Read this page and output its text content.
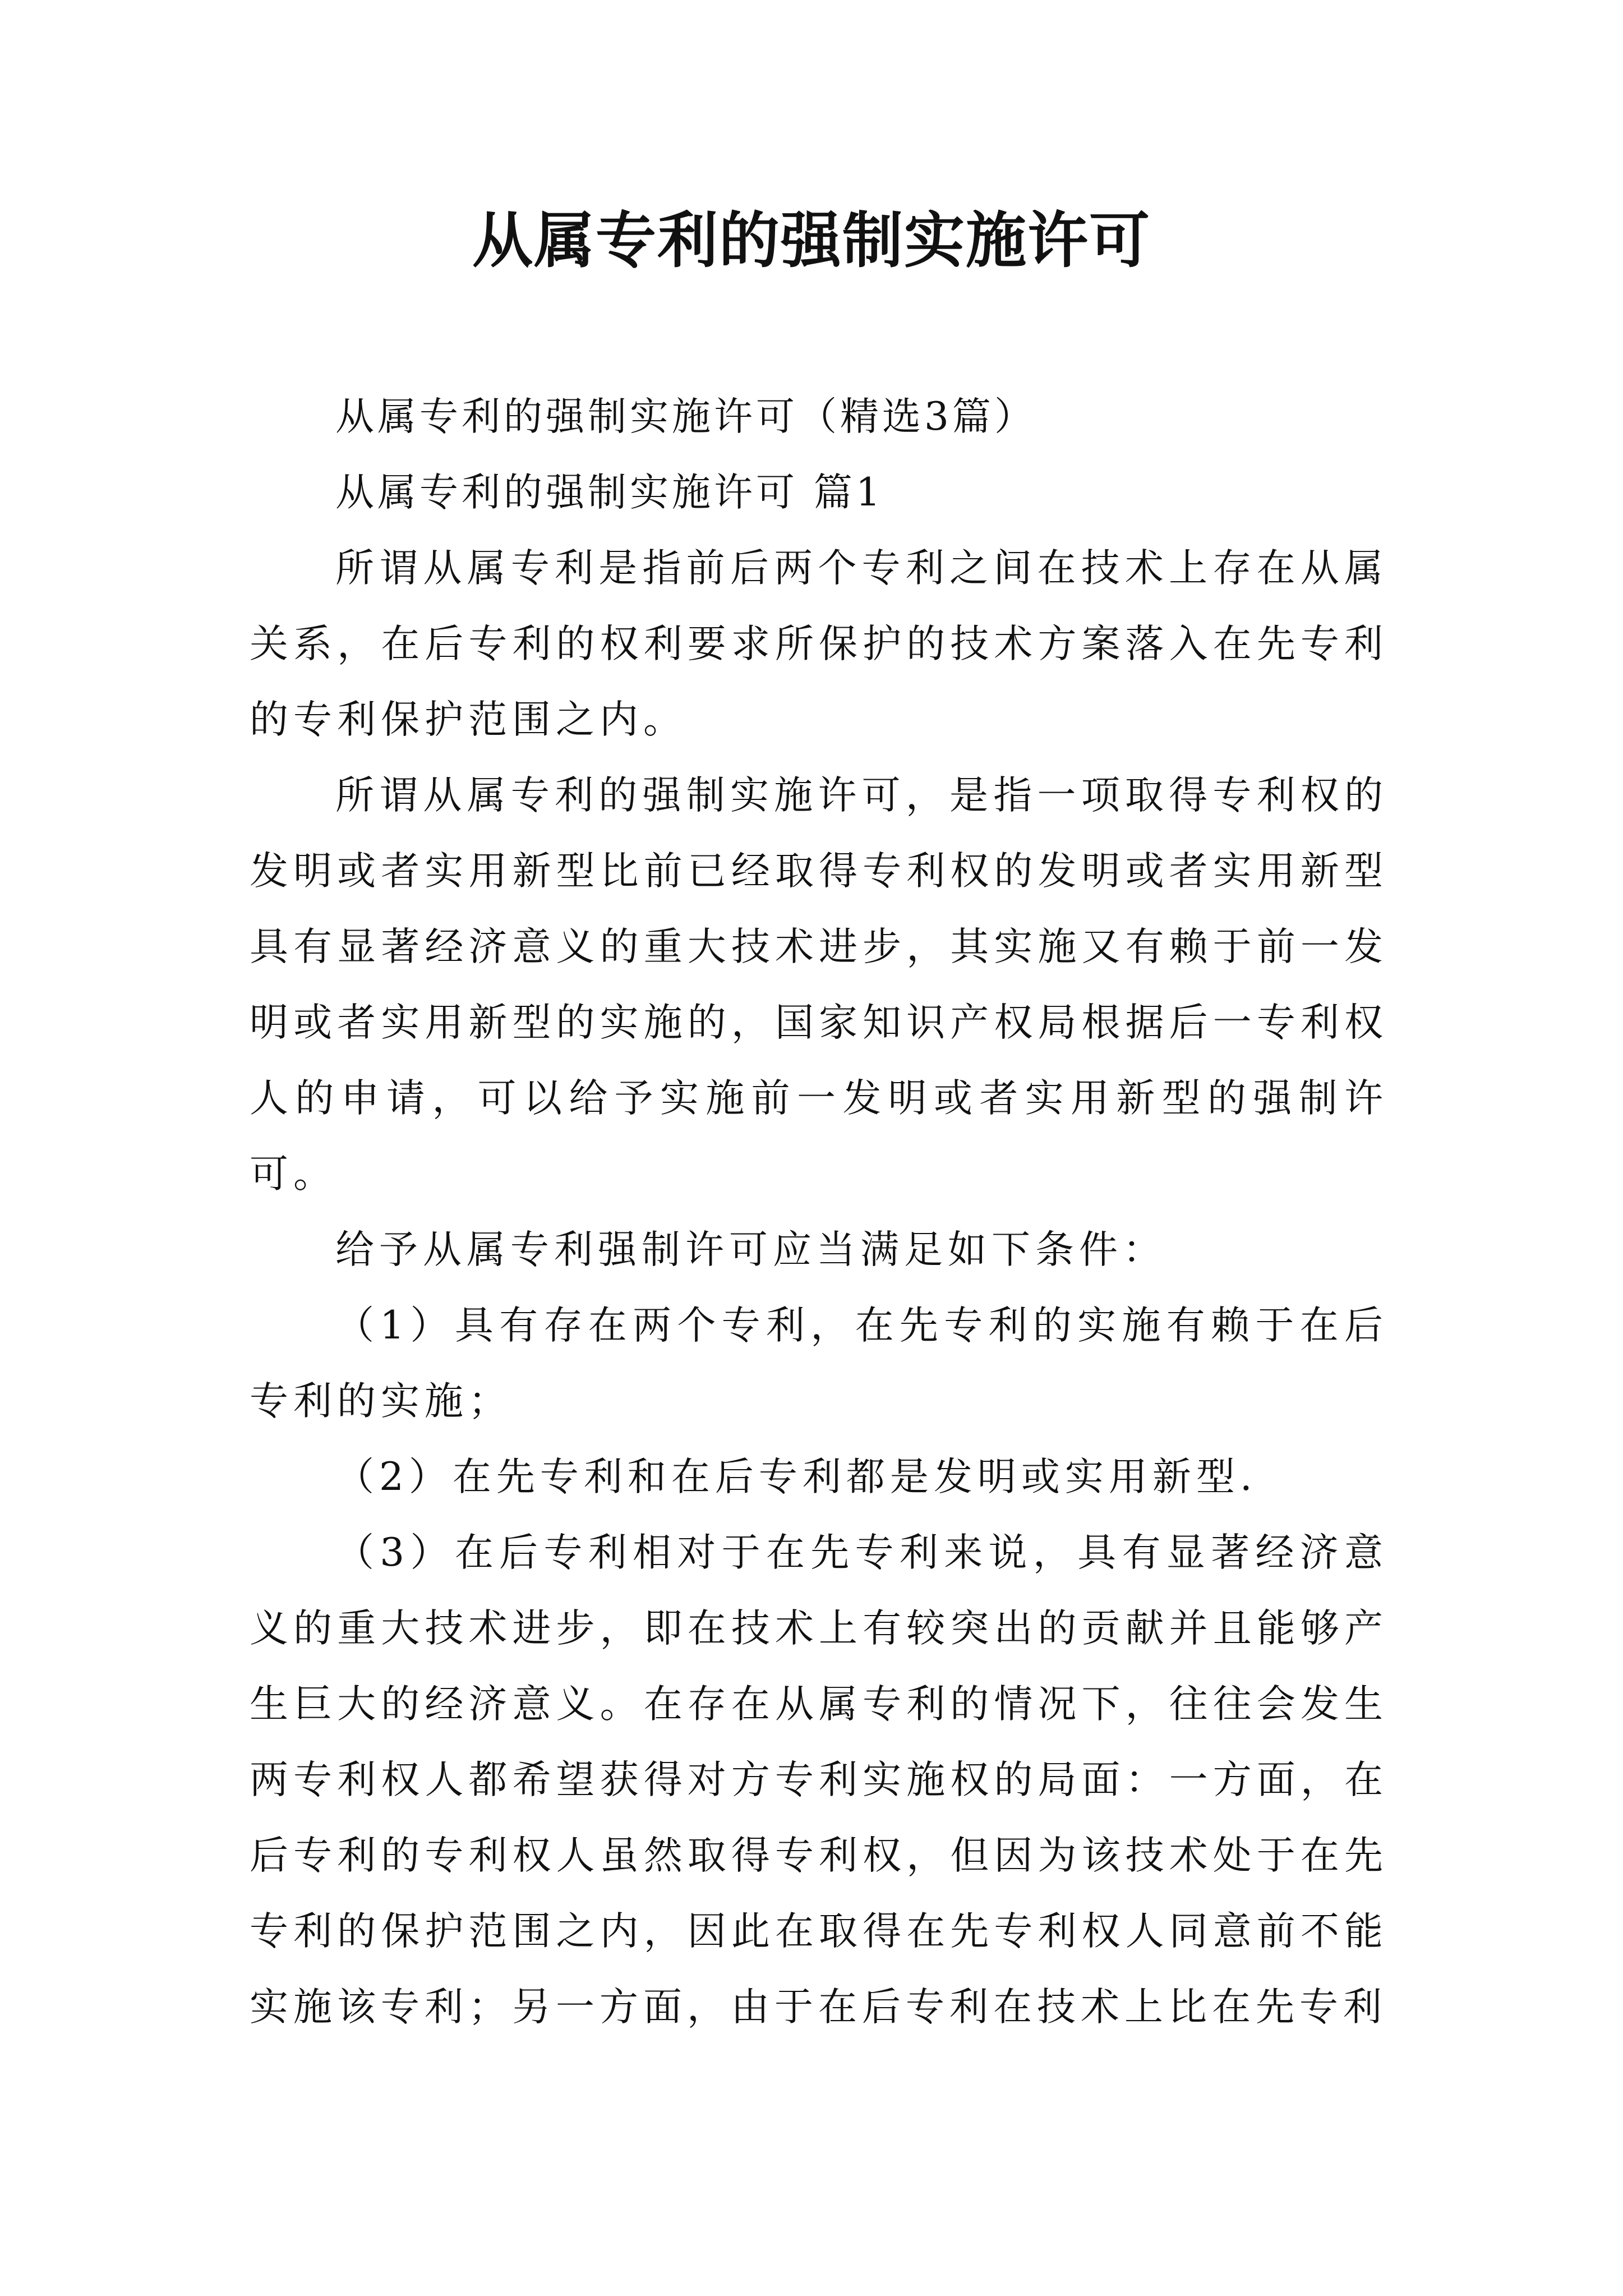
从属专利的强制实施许可

从属专利的强制实施许可（精选3篇）

从属专利的强制实施许可 篇1

所谓从属专利是指前后两个专利之间在技术上存在从属关系，在后专利的权利要求所保护的技术方案落入在先专利的专利保护范围之内。

所谓从属专利的强制实施许可，是指一项取得专利权的发明或者实用新型比前已经取得专利权的发明或者实用新型具有显著经济意义的重大技术进步，其实施又有赖于前一发明或者实用新型的实施的，国家知识产权局根据后一专利权人的申请，可以给予实施前一发明或者实用新型的强制许可。

给予从属专利强制许可应当满足如下条件：

（1）具有存在两个专利，在先专利的实施有赖于在后专利的实施；

（2）在先专利和在后专利都是发明或实用新型.

（3）在后专利相对于在先专利来说，具有显著经济意义的重大技术进步，即在技术上有较突出的贡献并且能够产生巨大的经济意义。在存在从属专利的情况下，往往会发生两专利权人都希望获得对方专利实施权的局面：一方面，在后专利的专利权人虽然取得专利权，但因为该技术处于在先专利的保护范围之内，因此在取得在先专利权人同意前不能实施该专利；另一方面，由于在后专利在技术上比在先专利
